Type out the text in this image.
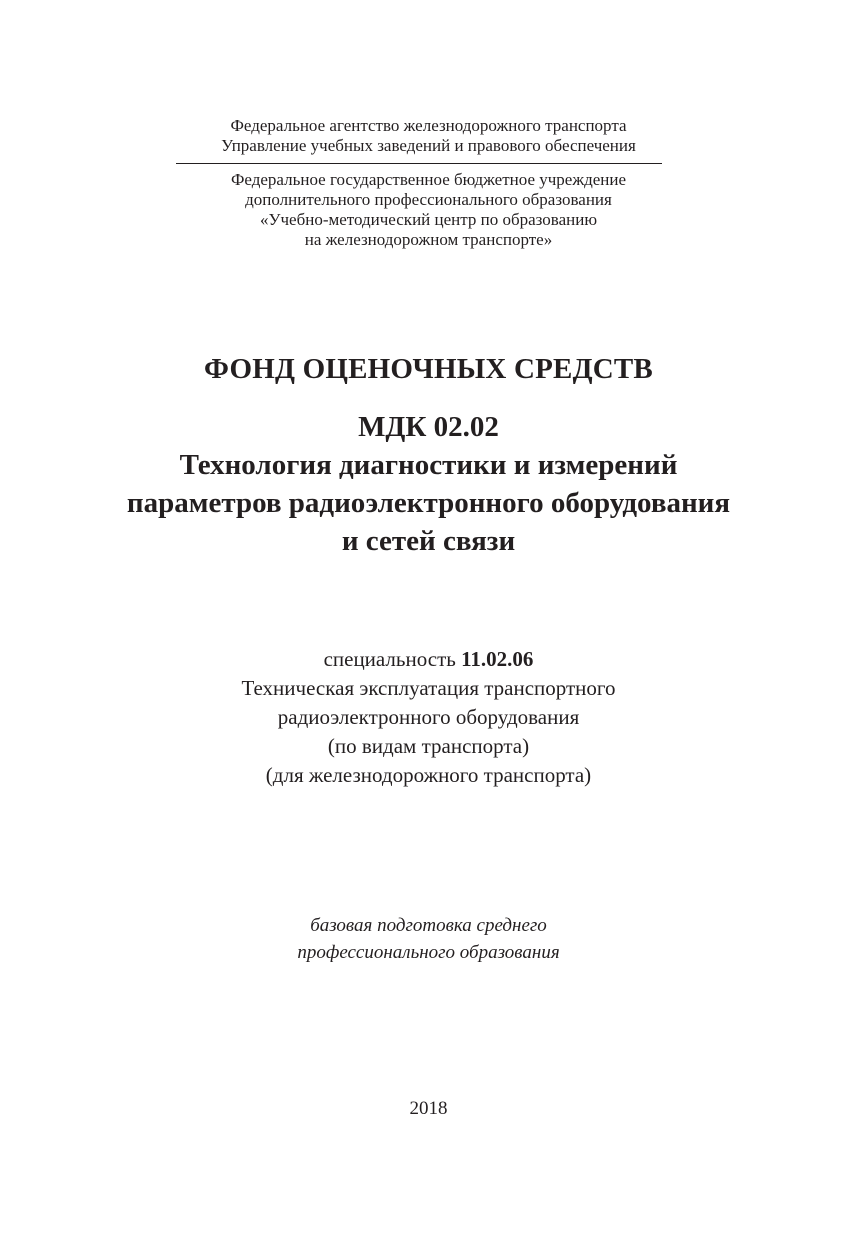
Федеральное агентство железнодорожного транспорта
Управление учебных заведений и правового обеспечения
Федеральное государственное бюджетное учреждение
дополнительного профессионального образования
«Учебно-методический центр по образованию
на железнодорожном транспорте»
ФОНД ОЦЕНОЧНЫХ СРЕДСТВ
МДК 02.02
Технология диагностики и измерений
параметров радиоэлектронного оборудования
и сетей связи
специальность 11.02.06
Техническая эксплуатация транспортного
радиоэлектронного оборудования
(по видам транспорта)
(для железнодорожного транспорта)
базовая подготовка среднего
профессионального образования
2018
